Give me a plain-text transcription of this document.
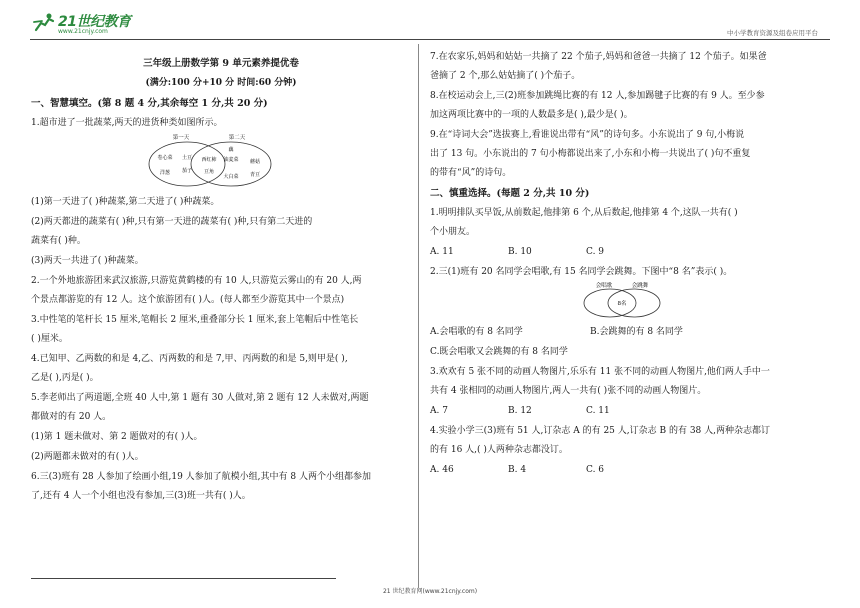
21世纪教育
www.21cnjy.com	中小学教育资源及组卷应用平台

三年级上册数学第 9 单元素养提优卷

(满分:100 分+10 分 时间:60 分钟)

一、智慧填空。(第 8 题 4 分,其余每空 1 分,共 20 分)

1.超市进了一批蔬菜,两天的进货种类如图所示。

第一天	第二天
卷心菜 土豆
洋葱 茄子
西红柿
豆角
藕
油麦菜 蘑菇
大白菜 青豆

(1)第一天进了( )种蔬菜,第二天进了( )种蔬菜。

(2)两天都进的蔬菜有( )种,只有第一天进的蔬菜有( )种,只有第二天进的

蔬菜有( )种。

(3)两天一共进了( )种蔬菜。

2.一个外地旅游团来武汉旅游,只游览黄鹤楼的有 10 人,只游览云雾山的有 20 人,两

个景点都游览的有 12 人。这个旅游团有( )人。(每人都至少游览其中一个景点)

3.中性笔的笔杆长 15 厘米,笔帽长 2 厘米,重叠部分长 1 厘米,套上笔帽后中性笔长

( )厘米。

4.已知甲、乙两数的和是 4,乙、丙两数的和是 7,甲、丙两数的和是 5,则甲是( ),

乙是( ),丙是( )。

5.李老师出了两道题,全班 40 人中,第 1 题有 30 人做对,第 2 题有 12 人未做对,两题

都做对的有 20 人。

(1)第 1 题未做对、第 2 题做对的有( )人。

(2)两题都未做对的有( )人。

6.三(3)班有 28 人参加了绘画小组,19 人参加了航模小组,其中有 8 人两个小组都参加

了,还有 4 人一个小组也没有参加,三(3)班一共有( )人。

7.在农家乐,妈妈和姑姑一共摘了 22 个茄子,妈妈和爸爸一共摘了 12 个茄子。如果爸

爸摘了 2 个,那么姑姑摘了( )个茄子。

8.在校运动会上,三(2)班参加跳绳比赛的有 12 人,参加踢毽子比赛的有 9 人。至少参

加这两项比赛中的一项的人数最多是( ),最少是( )。

9.在“诗词大会”选拔赛上,看谁说出带有“风”的诗句多。小东说出了 9 句,小梅说

出了 13 句。小东说出的 7 句小梅都说出来了,小东和小梅一共说出了( )句不重复

的带有“风”的诗句。

二、慎重选择。(每题 2 分,共 10 分)

1.明明排队买早饭,从前数起,他排第 6 个,从后数起,他排第 4 个,这队一共有( )

个小朋友。

A. 11	B. 10	C. 9

2.三(1)班有 20 名同学会唱歌,有 15 名同学会跳舞。下图中“8 名”表示( )。

会唱歌	会跳舞
8名

A.会唱歌的有 8 名同学	B.会跳舞的有 8 名同学

C.既会唱歌又会跳舞的有 8 名同学

3.欢欢有 5 张不同的动画人物图片,乐乐有 11 张不同的动画人物图片,他们两人手中一

共有 4 张相同的动画人物图片,两人一共有( )张不同的动画人物图片。

A. 7	B. 12	C. 11

4.实验小学三(3)班有 51 人,订杂志 A 的有 25 人,订杂志 B 的有 38 人,两种杂志都订

的有 16 人,( )人两种杂志都没订。

A. 46	B. 4	C. 6

21 世纪教育网(www.21cnjy.com)
